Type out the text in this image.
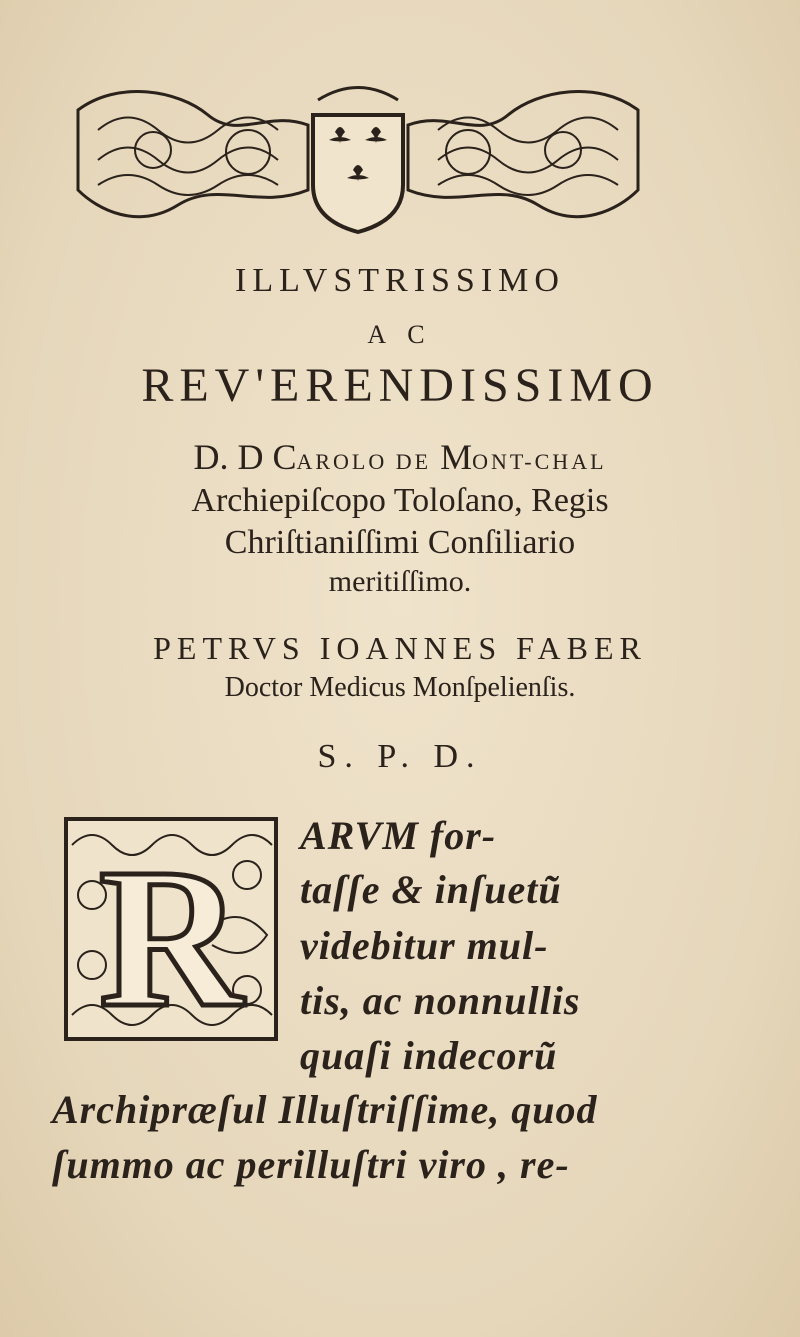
ILLVSTRISSIMO
A C
REV'ERENDISSIMO
D. D CAROLO DE MONT-CHAL
Archiepiſcopo Toloſano, Regis
Chriſtianiſſimi Conſiliario
meritiſſimo.
PETRVS IOANNES FABER
Doctor Medicus Monſpelienſis.
S. P. D.
R ARVM for-
taſſe & inſuetũ
videbitur mul-
tis, ac nonnullis
quaſi indecorũ
Archipræſul Illuſtriſſime, quod
ſummo ac perilluſtri viro , re-
